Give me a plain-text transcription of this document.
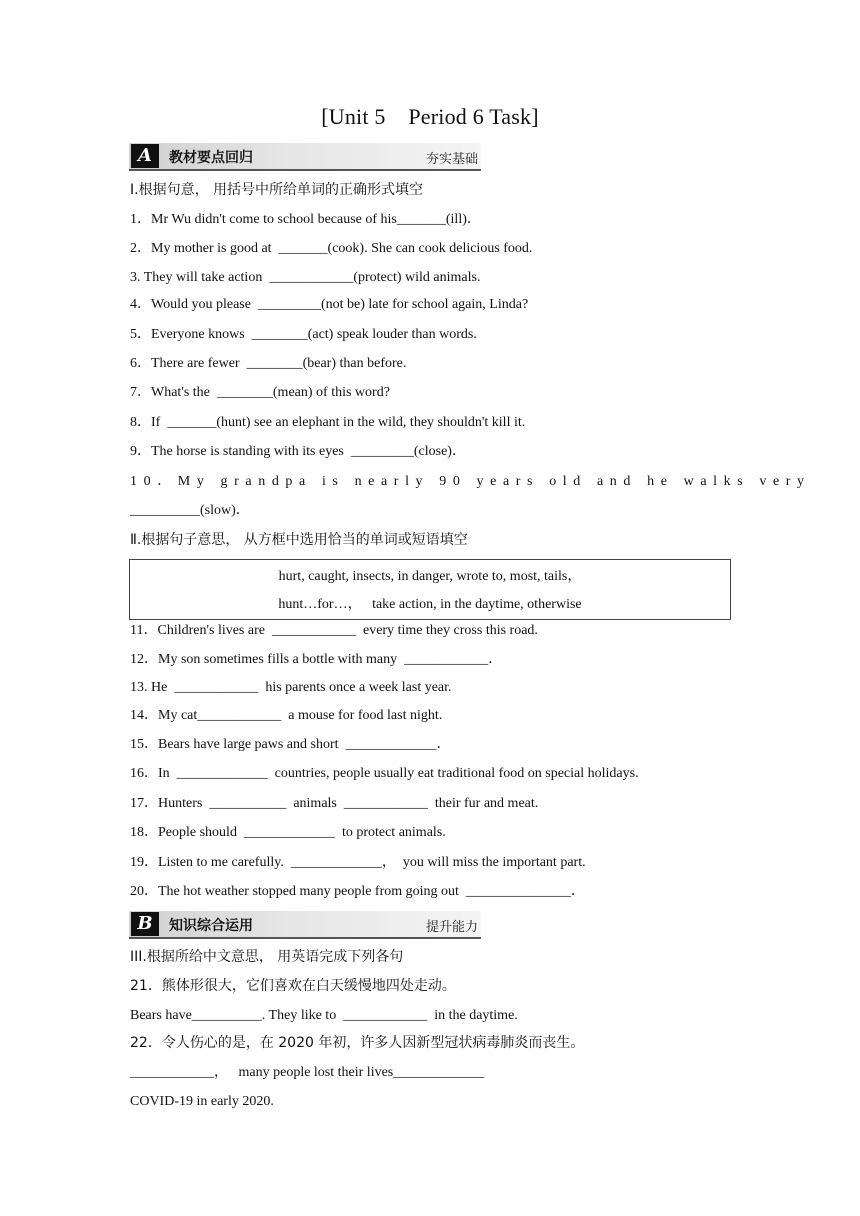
[Unit 5    Period 6 Task]
A	教材要点回归	夯实基础
Ⅰ.根据句意， 用括号中所给单词的正确形式填空
1．Mr Wu didn't come to school because of his_______(ill)．
2．My mother is good at  _______(cook). She can cook delicious food.
3. They will take action  ____________(protect) wild animals.
4．Would you please  _________(not be) late for school again, Linda?
5．Everyone knows  ________(act) speak louder than words.
6．There are fewer  ________(bear) than before.
7．What's the  ________(mean) of this word?
8．If  _______(hunt) see an elephant in the wild, they shouldn't kill it.
9．The horse is standing with its eyes  _________(close)．
10．My grandpa is nearly 90 years old and he walks very
__________(slow)．
Ⅱ.根据句子意思， 从方框中选用恰当的单词或短语填空
hurt, caught, insects, in danger, wrote to, most, tails，
hunt…for…，   take action, in the daytime, otherwise
11．Children's lives are  ____________  every time they cross this road.
12．My son sometimes fills a bottle with many  ____________．
13. He  ____________  his parents once a week last year.
14．My cat____________  a mouse for food last night.
15．Bears have large paws and short  _____________．
16．In  _____________  countries, people usually eat traditional food on special holidays.
17．Hunters  ___________  animals  ____________  their fur and meat.
18．People should  _____________  to protect animals.
19．Listen to me carefully.  _____________，  you will miss the important part.
20．The hot weather stopped many people from going out  _______________．
B	知识综合运用	提升能力
III.根据所给中文意思， 用英语完成下列各句
21．熊体形很大，它们喜欢在白天缓慢地四处走动。
Bears have__________. They like to  ____________  in the daytime.
22．令人伤心的是，在 2020 年初，许多人因新型冠状病毒肺炎而丧生。
____________，   many people lost their lives_____________
COVID-19 in early 2020.
